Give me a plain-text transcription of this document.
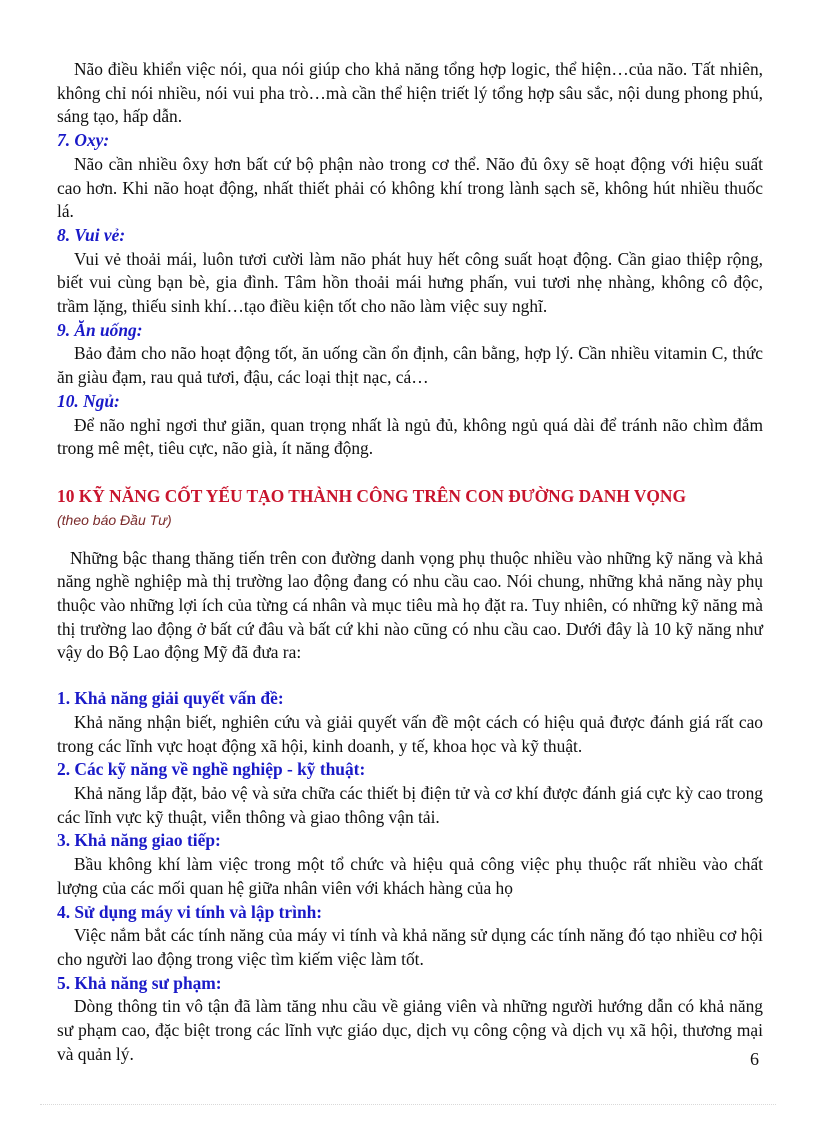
Não điều khiển việc nói, qua nói giúp cho khả năng tổng hợp logic, thể hiện…của não. Tất nhiên, không chỉ nói nhiều, nói vui pha trò…mà cần thể hiện triết lý tổng hợp sâu sắc, nội dung phong phú, sáng tạo, hấp dẫn.

7. Oxy:

Não cần nhiều ôxy hơn bất cứ bộ phận nào trong cơ thể. Não đủ ôxy sẽ hoạt động với hiệu suất cao hơn. Khi não hoạt động, nhất thiết phải có không khí trong lành sạch sẽ, không hút nhiều thuốc lá.

8. Vui vẻ:

Vui vẻ thoải mái, luôn tươi cười làm não phát huy hết công suất hoạt động. Cần giao thiệp rộng, biết vui cùng bạn bè, gia đình. Tâm hồn thoải mái hưng phấn, vui tươi nhẹ nhàng, không cô độc, trầm lặng, thiếu sinh khí…tạo điều kiện tốt cho não làm việc suy nghĩ.

9. Ăn uống:

Bảo đảm cho não hoạt động tốt, ăn uống cần ổn định, cân bằng, hợp lý. Cần nhiều vitamin C, thức ăn giàu đạm, rau quả tươi, đậu, các loại thịt nạc, cá…

10. Ngủ:

Để não nghỉ ngơi thư giãn, quan trọng nhất là ngủ đủ, không ngủ quá dài để tránh não chìm đắm trong mê mệt, tiêu cực, não già, ít năng động.

10 KỸ NĂNG CỐT YẾU TẠO THÀNH CÔNG TRÊN CON ĐƯỜNG DANH VỌNG

(theo báo Đầu Tư)

Những bậc thang thăng tiến trên con đường danh vọng phụ thuộc nhiều vào những kỹ năng và khả năng nghề nghiệp mà thị trường lao động đang có nhu cầu cao. Nói chung, những khả năng này phụ thuộc vào những lợi ích của từng cá nhân và mục tiêu mà họ đặt ra. Tuy nhiên, có những kỹ năng mà thị trường lao động ở bất cứ đâu và bất cứ khi nào cũng có nhu cầu cao. Dưới đây là 10 kỹ năng như vậy do Bộ Lao động Mỹ đã đưa ra:

1. Khả năng giải quyết vấn đề:

Khả năng nhận biết, nghiên cứu và giải quyết vấn đề một cách có hiệu quả được đánh giá rất cao trong các lĩnh vực hoạt động xã hội, kinh doanh, y tế, khoa học và kỹ thuật.

2. Các kỹ năng về nghề nghiệp - kỹ thuật:

Khả năng lắp đặt, bảo vệ và sửa chữa các thiết bị điện tử và cơ khí được đánh giá cực kỳ cao trong các lĩnh vực kỹ thuật, viễn thông và giao thông vận tải.

3. Khả năng giao tiếp:

Bầu không khí làm việc trong một tổ chức và hiệu quả công việc phụ thuộc rất nhiều vào chất lượng của các mối quan hệ giữa nhân viên với khách hàng của họ

4. Sử dụng máy vi tính và lập trình:

Việc nắm bắt các tính năng của máy vi tính và khả năng sử dụng các tính năng đó tạo nhiều cơ hội cho người lao động trong việc tìm kiếm việc làm tốt.

5. Khả năng sư phạm:

Dòng thông tin vô tận đã làm tăng nhu cầu về giảng viên và những người hướng dẫn có khả năng sư phạm cao, đặc biệt trong các lĩnh vực giáo dục, dịch vụ công cộng và dịch vụ xã hội, thương mại và quản lý.	6
